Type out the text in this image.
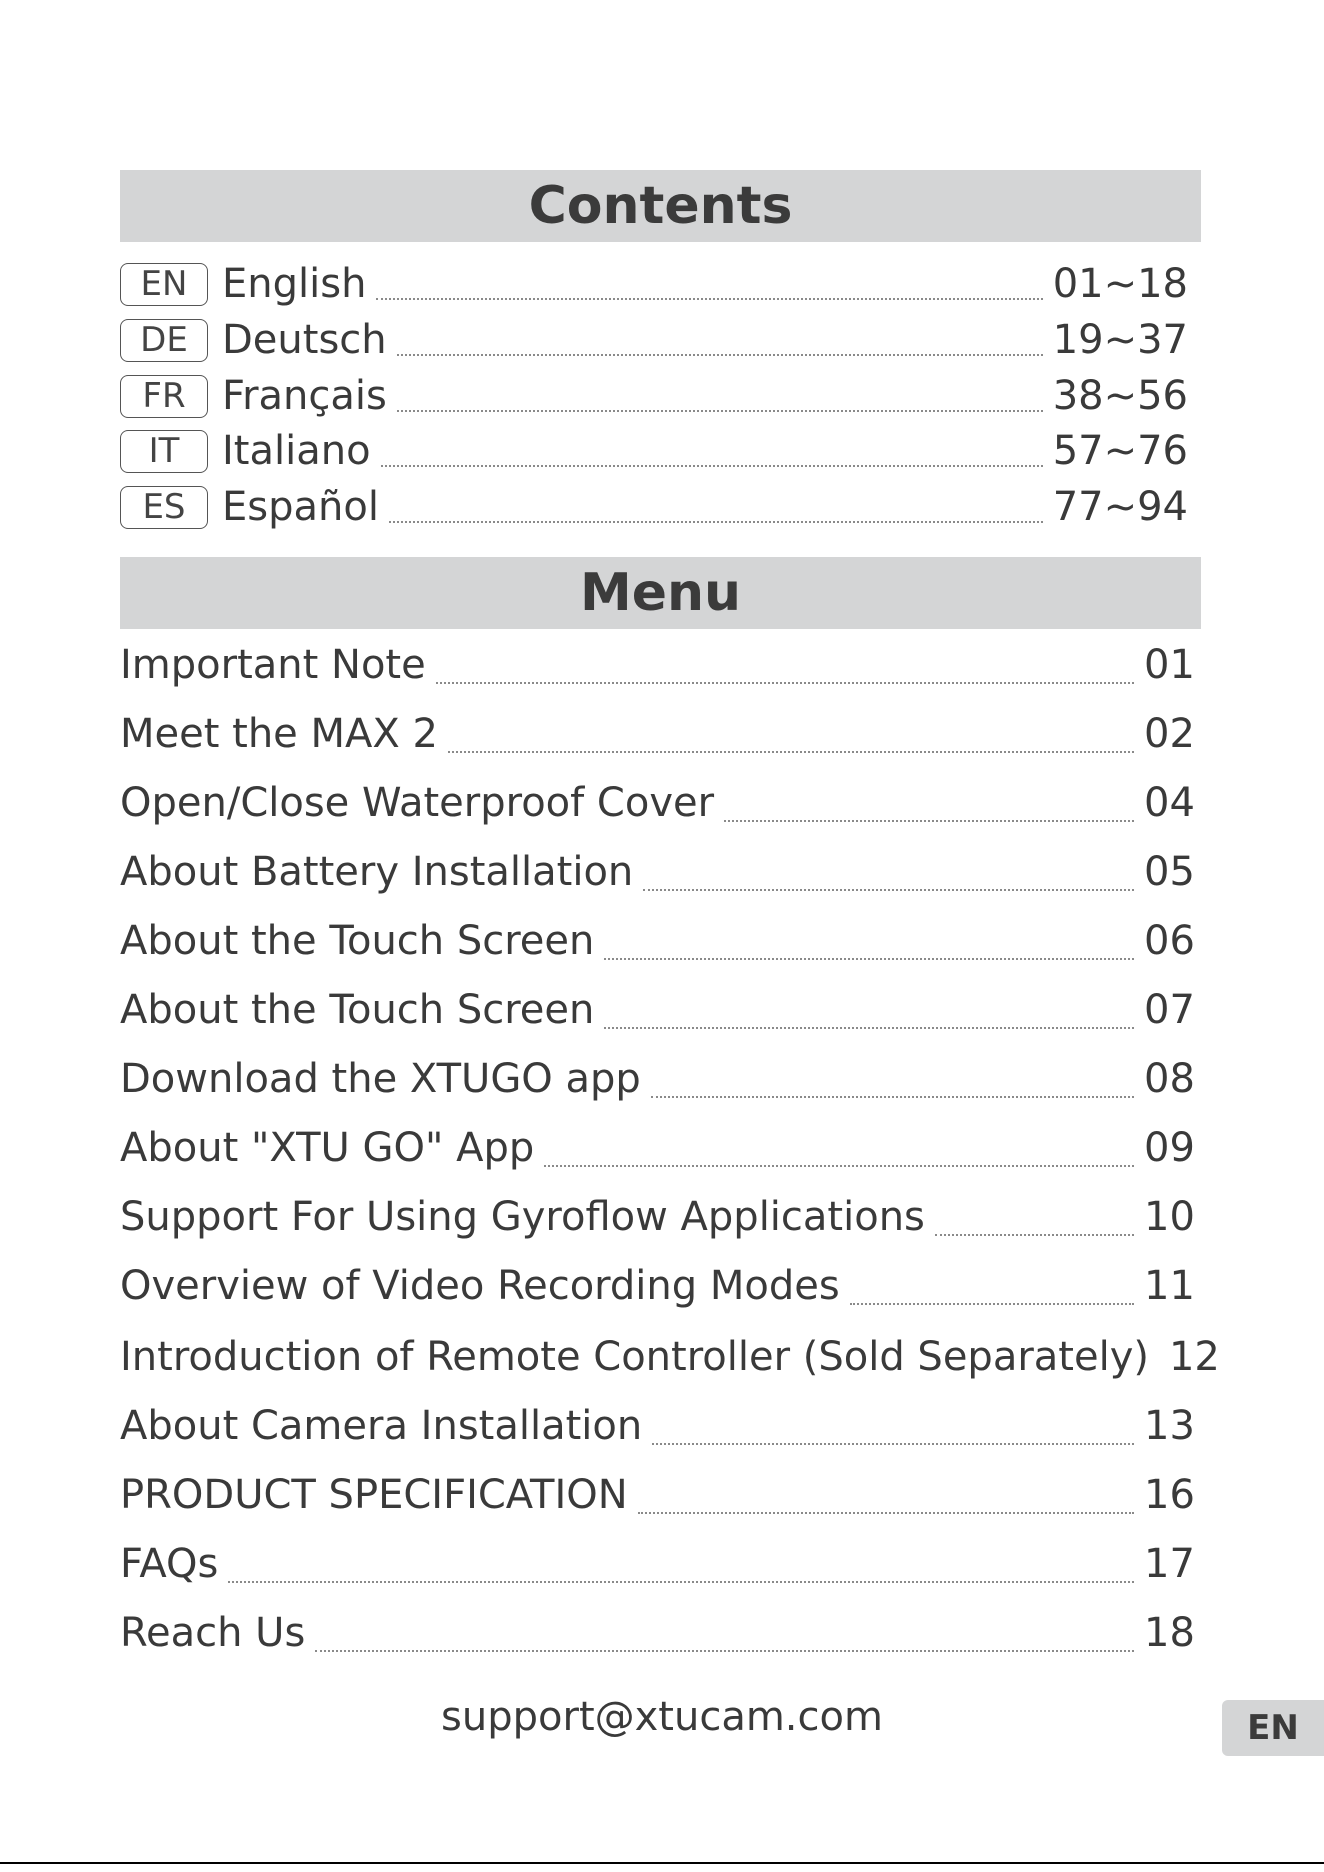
Contents
EN English	01~18
DE Deutsch	19~37
FR Français	38~56
IT	Italiano	57~76
ES Español	77~94
Menu
Important Note	01
Meet the MAX 2	02
Open/Close Waterproof Cover	04
About Battery Installation	05
About the Touch Screen	06
About the Touch Screen	07
Download the XTUGO app	08
About "XTU GO" App	09
Support For Using Gyroflow Applications	10
Overview of Video Recording Modes	11
Introduction of Remote Controller (Sold Separately) 12
About Camera Installation	13
PRODUCT SPECIFICATION	16
FAQs	17
Reach Us	18
support@xtucam.com	EN
